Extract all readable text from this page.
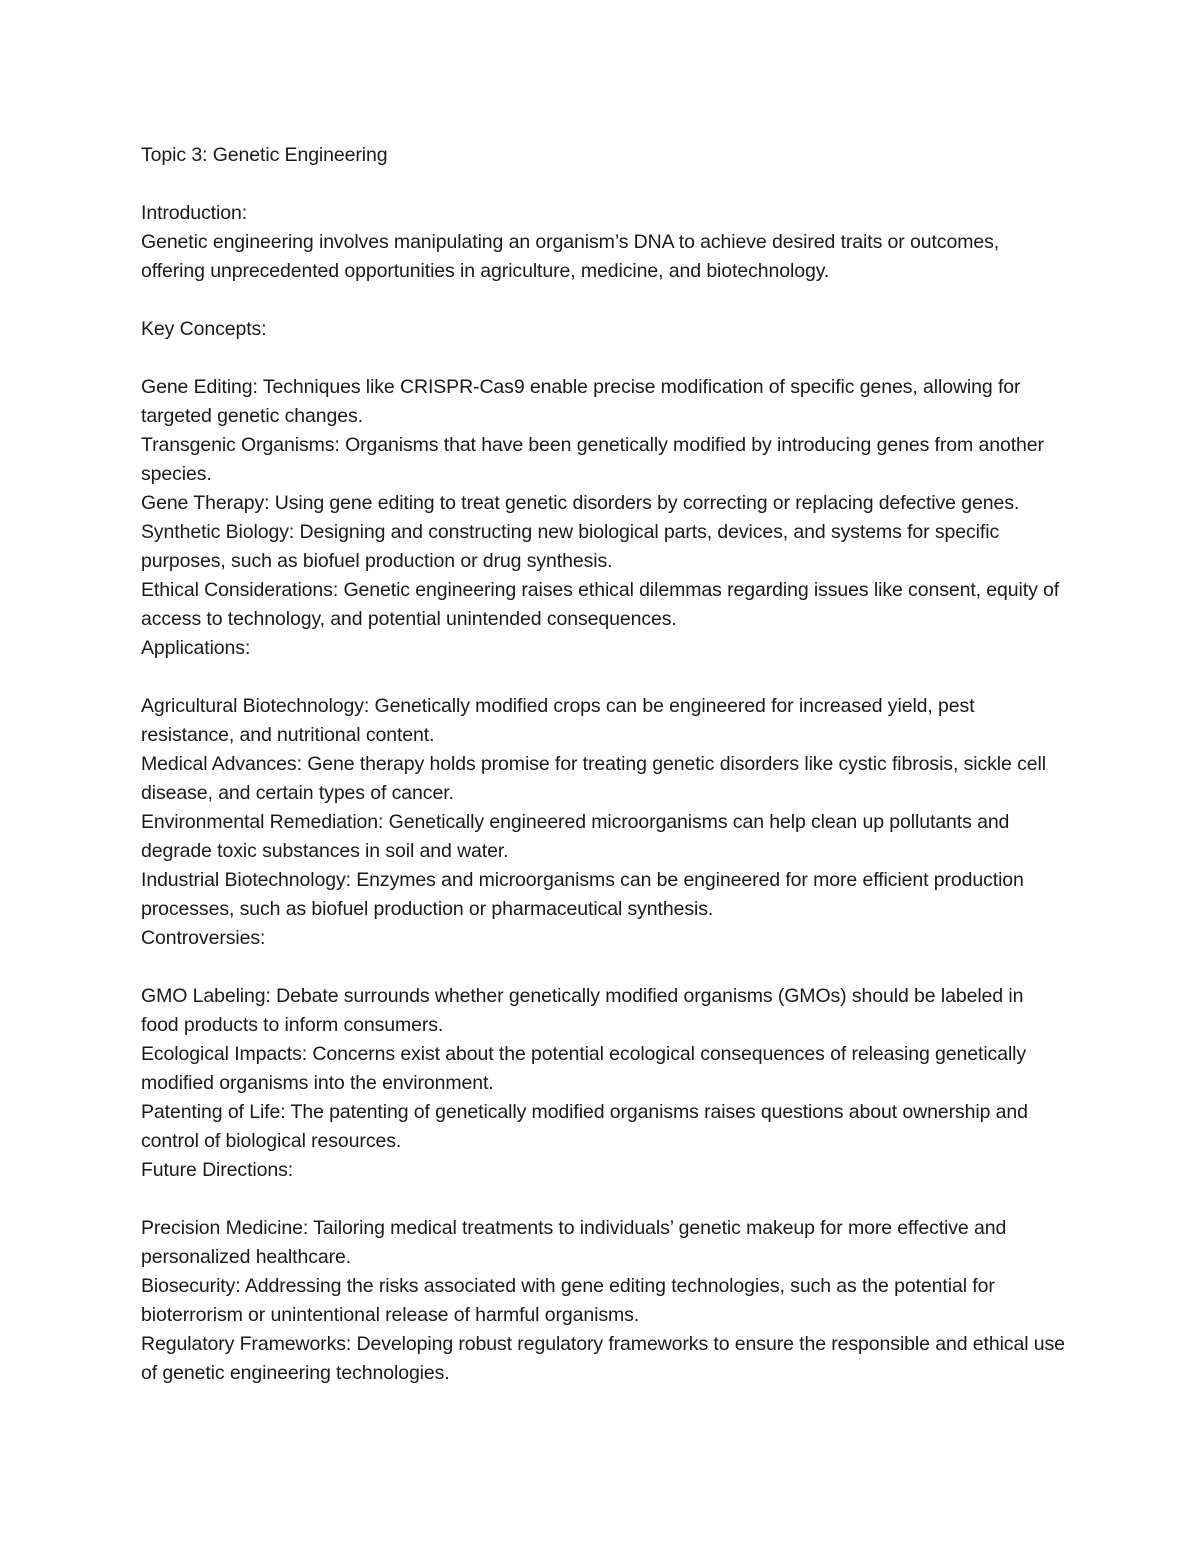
Topic 3: Genetic Engineering

Introduction:

Genetic engineering involves manipulating an organism’s DNA to achieve desired traits or outcomes, offering unprecedented opportunities in agriculture, medicine, and biotechnology.

Key Concepts:

Gene Editing: Techniques like CRISPR-Cas9 enable precise modification of specific genes, allowing for targeted genetic changes.

Transgenic Organisms: Organisms that have been genetically modified by introducing genes from another species.

Gene Therapy: Using gene editing to treat genetic disorders by correcting or replacing defective genes.

Synthetic Biology: Designing and constructing new biological parts, devices, and systems for specific purposes, such as biofuel production or drug synthesis.

Ethical Considerations: Genetic engineering raises ethical dilemmas regarding issues like consent, equity of access to technology, and potential unintended consequences.

Applications:

Agricultural Biotechnology: Genetically modified crops can be engineered for increased yield, pest resistance, and nutritional content.

Medical Advances: Gene therapy holds promise for treating genetic disorders like cystic fibrosis, sickle cell disease, and certain types of cancer.

Environmental Remediation: Genetically engineered microorganisms can help clean up pollutants and degrade toxic substances in soil and water.

Industrial Biotechnology: Enzymes and microorganisms can be engineered for more efficient production processes, such as biofuel production or pharmaceutical synthesis.

Controversies:

GMO Labeling: Debate surrounds whether genetically modified organisms (GMOs) should be labeled in food products to inform consumers.

Ecological Impacts: Concerns exist about the potential ecological consequences of releasing genetically modified organisms into the environment.

Patenting of Life: The patenting of genetically modified organisms raises questions about ownership and control of biological resources.

Future Directions:

Precision Medicine: Tailoring medical treatments to individuals’ genetic makeup for more effective and personalized healthcare.

Biosecurity: Addressing the risks associated with gene editing technologies, such as the potential for bioterrorism or unintentional release of harmful organisms.

Regulatory Frameworks: Developing robust regulatory frameworks to ensure the responsible and ethical use of genetic engineering technologies.
